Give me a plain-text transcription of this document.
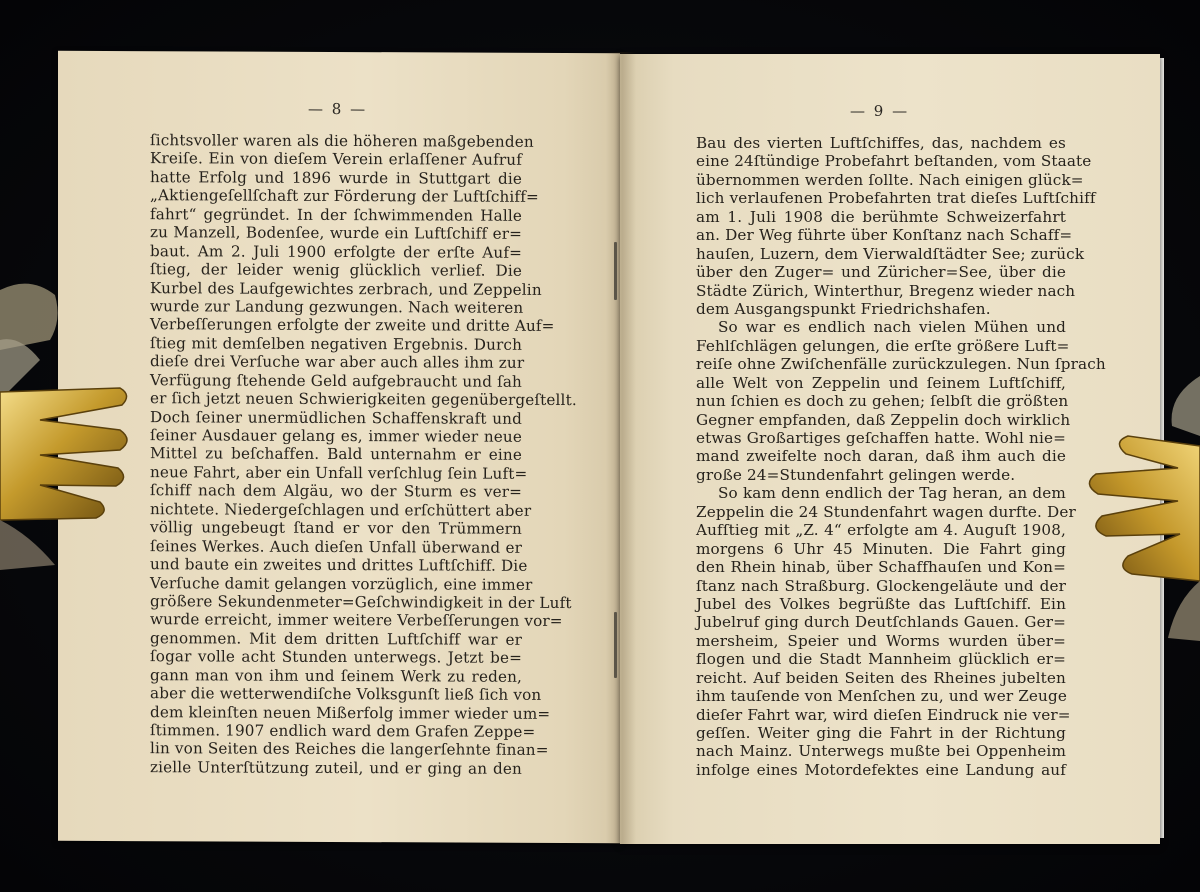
— 8 —
ſichtsvoller waren als die höheren maßgebenden
Kreiſe. Ein von dieſem Verein erlaſſener Aufruf
hatte Erfolg und 1896 wurde in Stuttgart die
„Aktiengeſellſchaft zur Förderung der Luftſchiff=
fahrt“ gegründet. In der ſchwimmenden Halle
zu Manzell, Bodenſee, wurde ein Luftſchiff er=
baut. Am 2. Juli 1900 erfolgte der erſte Auf=
ſtieg, der leider wenig glücklich verlief. Die
Kurbel des Laufgewichtes zerbrach, und Zeppelin
wurde zur Landung gezwungen. Nach weiteren
Verbeſſerungen erfolgte der zweite und dritte Auf=
ſtieg mit demſelben negativen Ergebnis. Durch
dieſe drei Verſuche war aber auch alles ihm zur
Verfügung ſtehende Geld aufgebraucht und ſah
er ſich jetzt neuen Schwierigkeiten gegenübergeſtellt.
Doch ſeiner unermüdlichen Schaffenskraft und
ſeiner Ausdauer gelang es, immer wieder neue
Mittel zu beſchaffen. Bald unternahm er eine
neue Fahrt, aber ein Unfall verſchlug ſein Luft=
ſchiff nach dem Algäu, wo der Sturm es ver=
nichtete. Niedergeſchlagen und erſchüttert aber
völlig ungebeugt ſtand er vor den Trümmern
ſeines Werkes. Auch dieſen Unfall überwand er
und baute ein zweites und drittes Luftſchiff. Die
Verſuche damit gelangen vorzüglich, eine immer
größere Sekundenmeter=Geſchwindigkeit in der Luft
wurde erreicht, immer weitere Verbeſſerungen vor=
genommen. Mit dem dritten Luftſchiff war er
ſogar volle acht Stunden unterwegs. Jetzt be=
gann man von ihm und ſeinem Werk zu reden,
aber die wetterwendiſche Volksgunſt ließ ſich von
dem kleinſten neuen Mißerfolg immer wieder um=
ſtimmen. 1907 endlich ward dem Grafen Zeppe=
lin von Seiten des Reiches die langerſehnte finan=
zielle Unterſtützung zuteil, und er ging an den
— 9 —
Bau des vierten Luftſchiffes, das, nachdem es
eine 24ſtündige Probefahrt beſtanden, vom Staate
übernommen werden ſollte. Nach einigen glück=
lich verlaufenen Probefahrten trat dieſes Luftſchiff
am 1. Juli 1908 die berühmte Schweizerfahrt
an. Der Weg führte über Konſtanz nach Schaff=
hauſen, Luzern, dem Vierwaldſtädter See; zurück
über den Zuger= und Züricher=See, über die
Städte Zürich, Winterthur, Bregenz wieder nach
dem Ausgangspunkt Friedrichshafen.
So war es endlich nach vielen Mühen und
Fehlſchlägen gelungen, die erſte größere Luft=
reiſe ohne Zwiſchenfälle zurückzulegen. Nun ſprach
alle Welt von Zeppelin und ſeinem Luftſchiff,
nun ſchien es doch zu gehen; ſelbſt die größten
Gegner empfanden, daß Zeppelin doch wirklich
etwas Großartiges geſchaffen hatte. Wohl nie=
mand zweifelte noch daran, daß ihm auch die
große 24=Stundenfahrt gelingen werde.
So kam denn endlich der Tag heran, an dem
Zeppelin die 24 Stundenfahrt wagen durfte. Der
Aufſtieg mit „Z. 4“ erfolgte am 4. Auguſt 1908,
morgens 6 Uhr 45 Minuten. Die Fahrt ging
den Rhein hinab, über Schaffhauſen und Kon=
ſtanz nach Straßburg. Glockengeläute und der
Jubel des Volkes begrüßte das Luftſchiff. Ein
Jubelruf ging durch Deutſchlands Gauen. Ger=
mersheim, Speier und Worms wurden über=
flogen und die Stadt Mannheim glücklich er=
reicht. Auf beiden Seiten des Rheines jubelten
ihm tauſende von Menſchen zu, und wer Zeuge
dieſer Fahrt war, wird dieſen Eindruck nie ver=
geſſen. Weiter ging die Fahrt in der Richtung
nach Mainz. Unterwegs mußte bei Oppenheim
infolge eines Motordefektes eine Landung auf
